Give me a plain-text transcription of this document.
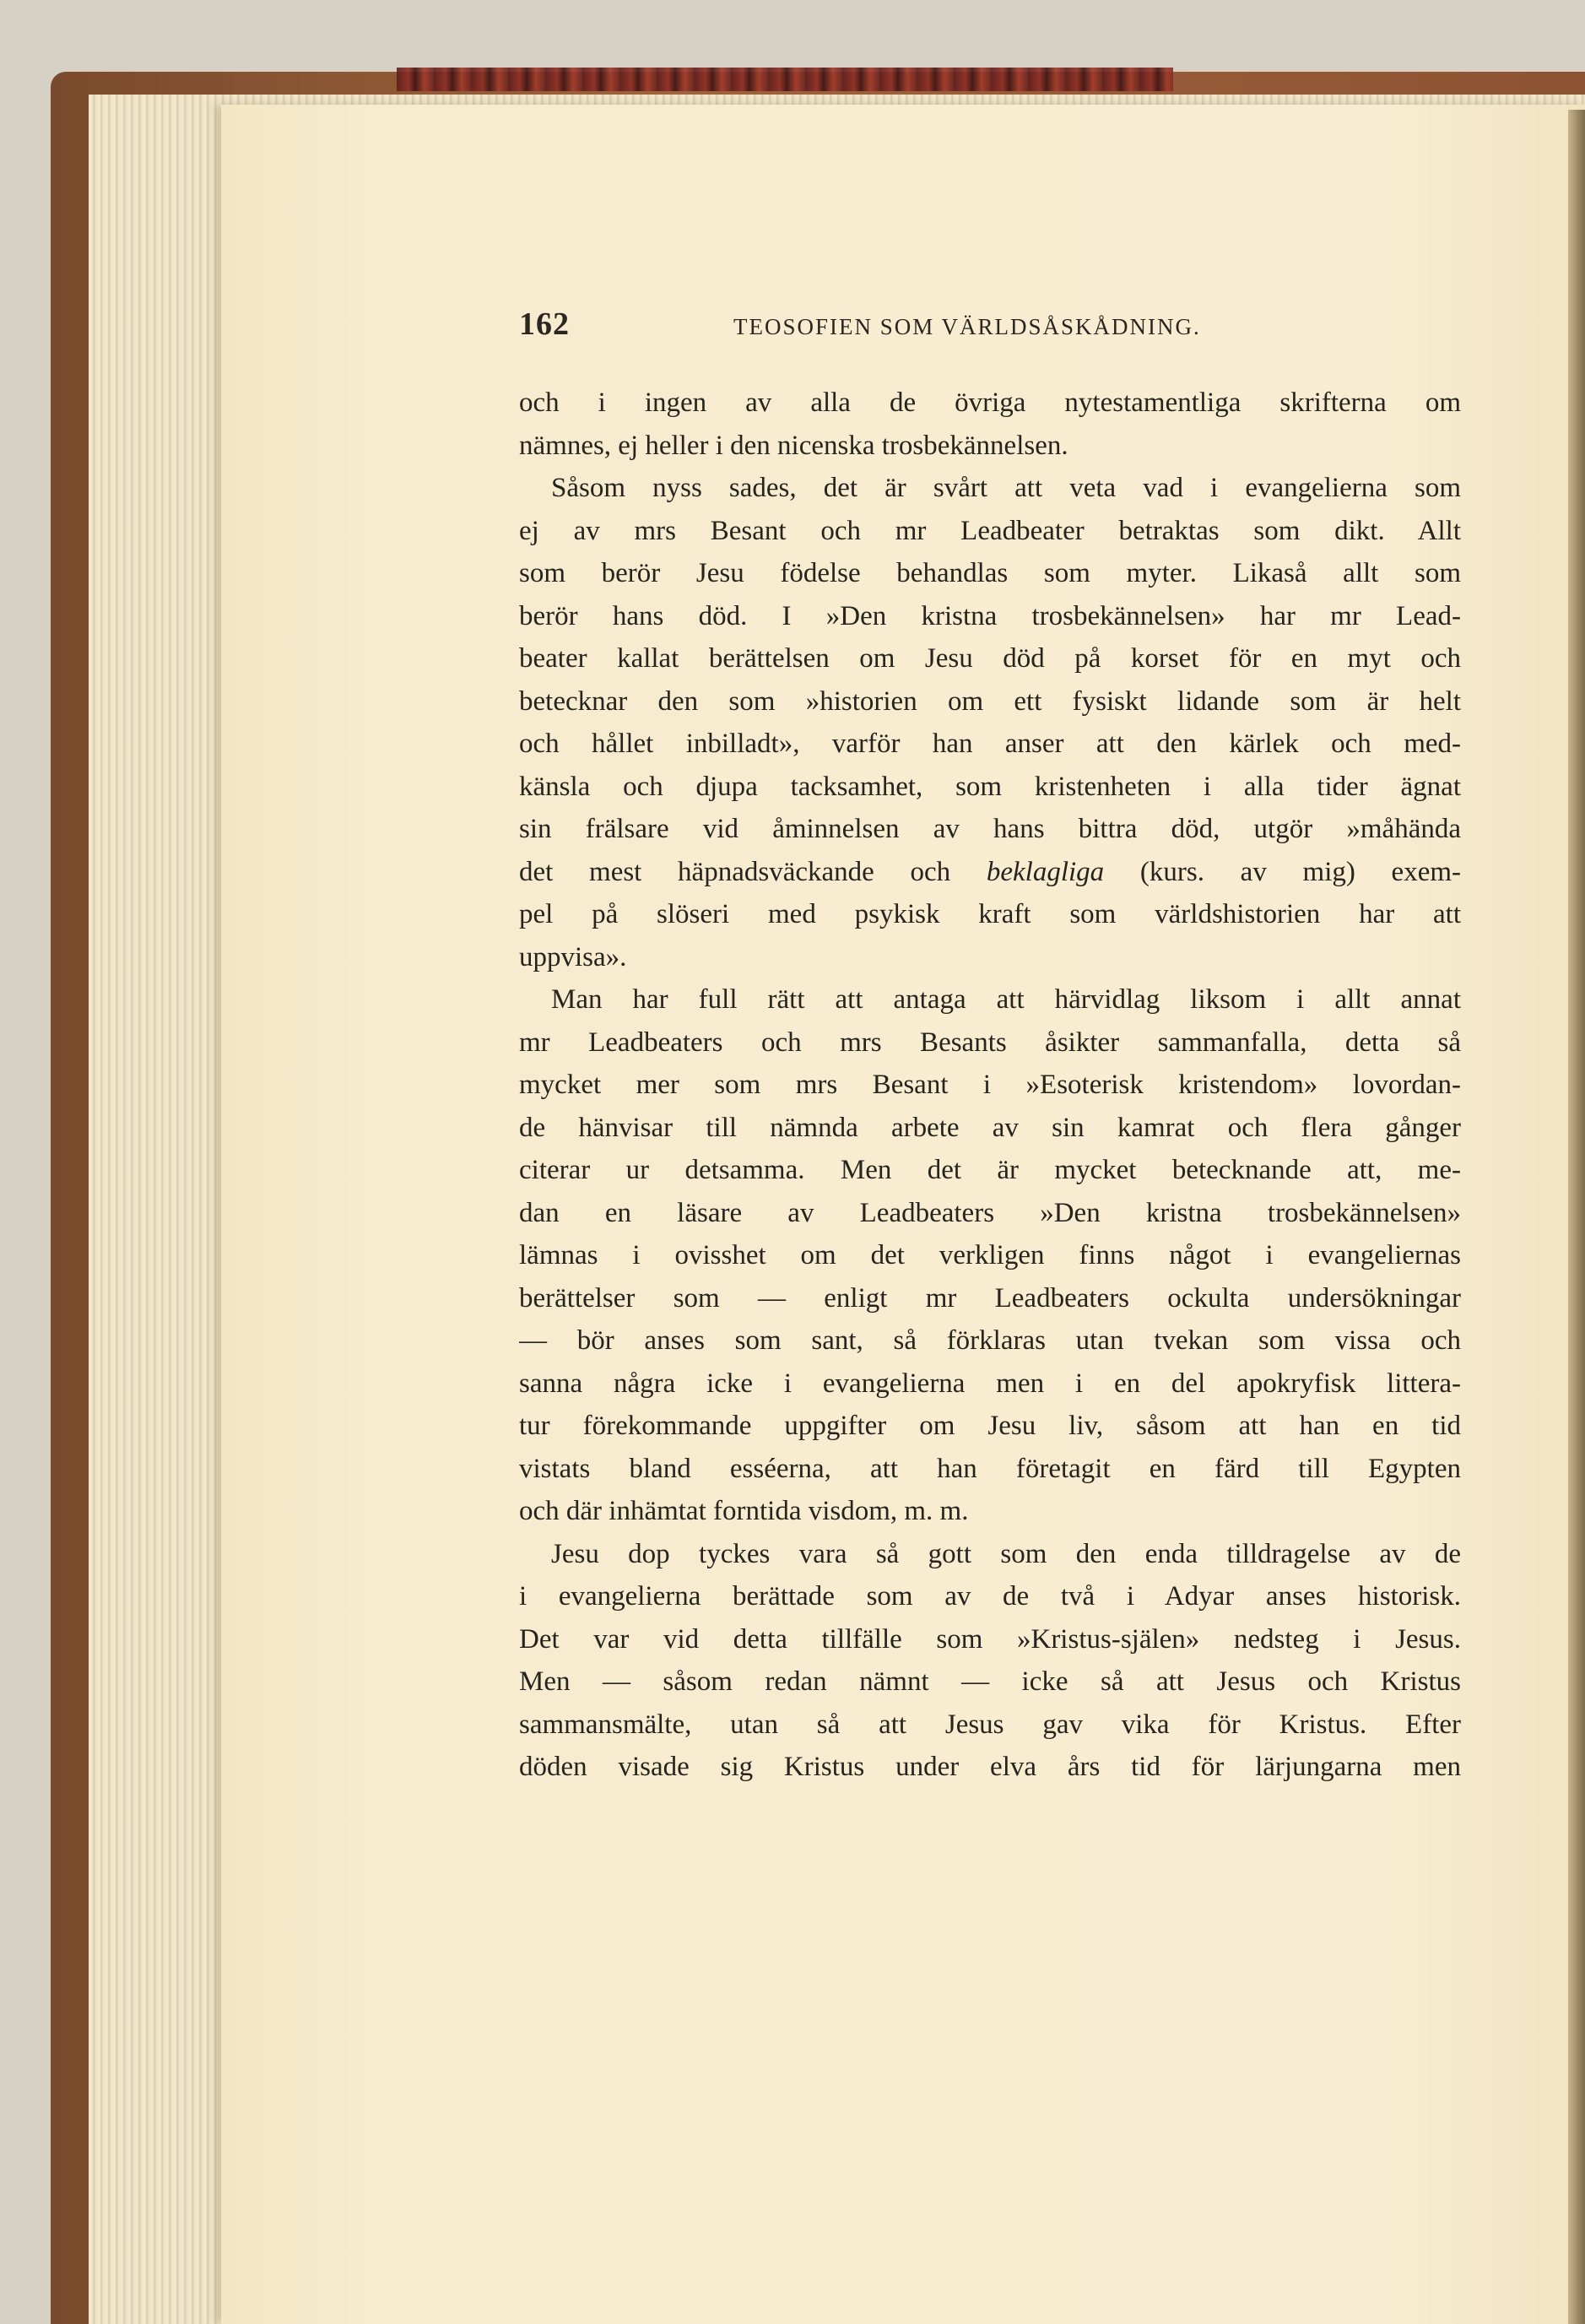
162	TEOSOFIEN SOM VÄRLDSÅSKÅDNING.
och i ingen av alla de övriga nytestamentliga skrifterna om
nämnes, ej heller i den nicenska trosbekännelsen.
Såsom nyss sades, det är svårt att veta vad i evangelierna som
ej av mrs Besant och mr Leadbeater betraktas som dikt. Allt
som berör Jesu födelse behandlas som myter. Likaså allt som
berör hans död. I »Den kristna trosbekännelsen» har mr Lead-
beater kallat berättelsen om Jesu död på korset för en myt och
betecknar den som »historien om ett fysiskt lidande som är helt
och hållet inbilladt», varför han anser att den kärlek och med-
känsla och djupa tacksamhet, som kristenheten i alla tider ägnat
sin frälsare vid åminnelsen av hans bittra död, utgör »måhända
det mest häpnadsväckande och beklagliga (kurs. av mig) exem-
pel på slöseri med psykisk kraft som världshistorien har att
uppvisa».
Man har full rätt att antaga att härvidlag liksom i allt annat
mr Leadbeaters och mrs Besants åsikter sammanfalla, detta så
mycket mer som mrs Besant i »Esoterisk kristendom» lovordan-
de hänvisar till nämnda arbete av sin kamrat och flera gånger
citerar ur detsamma. Men det är mycket betecknande att, me-
dan en läsare av Leadbeaters »Den kristna trosbekännelsen»
lämnas i ovisshet om det verkligen finns något i evangeliernas
berättelser som — enligt mr Leadbeaters ockulta undersökningar
— bör anses som sant, så förklaras utan tvekan som vissa och
sanna några icke i evangelierna men i en del apokryfisk littera-
tur förekommande uppgifter om Jesu liv, såsom att han en tid
vistats bland esséerna, att han företagit en färd till Egypten
och där inhämtat forntida visdom, m. m.
Jesu dop tyckes vara så gott som den enda tilldragelse av de
i evangelierna berättade som av de två i Adyar anses historisk.
Det var vid detta tillfälle som »Kristus-själen» nedsteg i Jesus.
Men — såsom redan nämnt — icke så att Jesus och Kristus
sammansmälte, utan så att Jesus gav vika för Kristus. Efter
döden visade sig Kristus under elva års tid för lärjungarna men
